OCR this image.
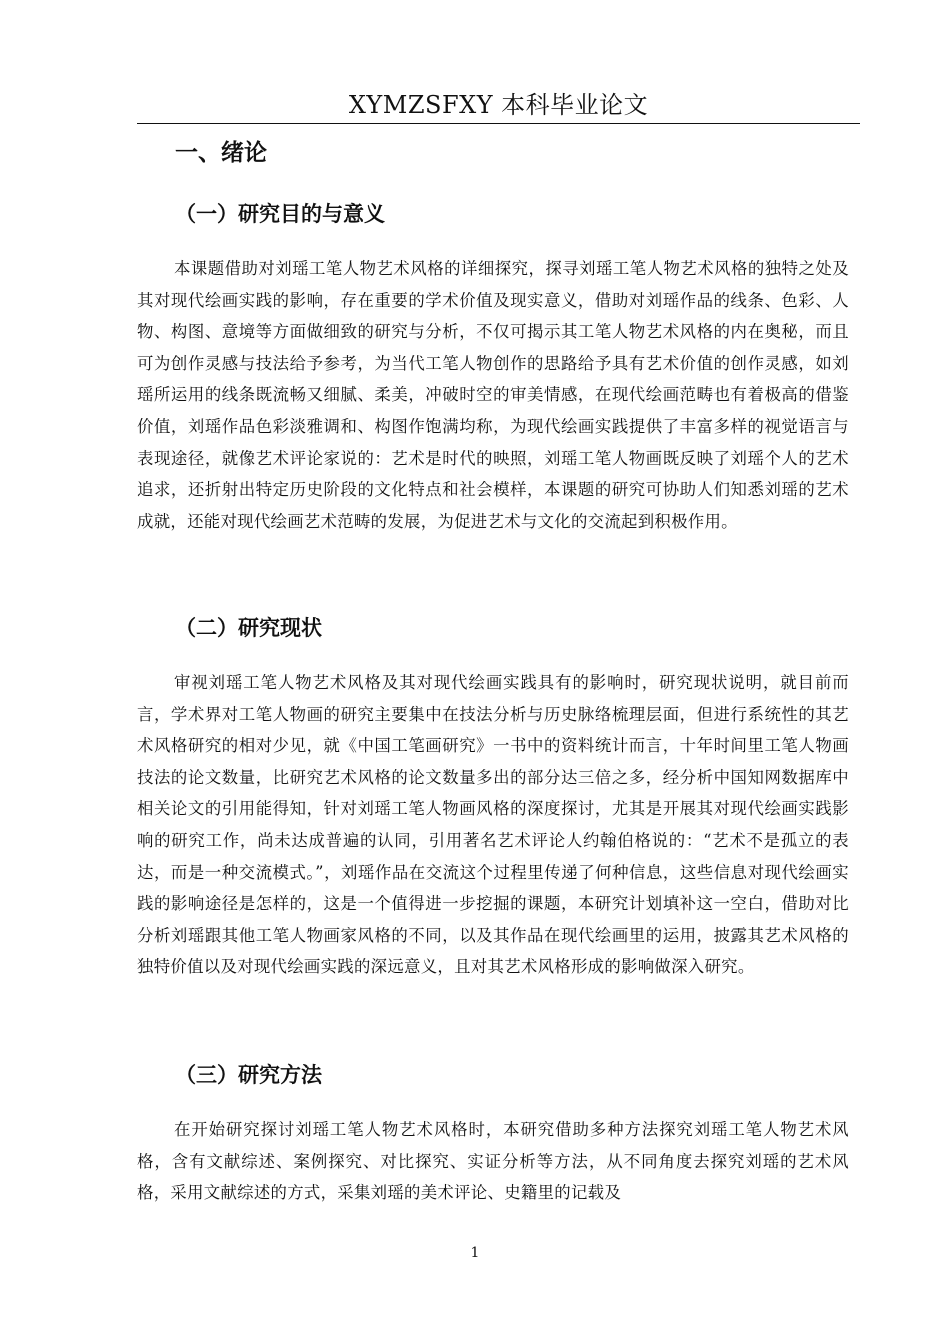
XYMZSFXY 本科毕业论文
一、绪论
（一）研究目的与意义

本课题借助对刘瑶工笔人物艺术风格的详细探究，探寻刘瑶工笔人物艺术风格的独特之处及其对现代绘画实践的影响，存在重要的学术价值及现实意义，借助对刘瑶作品的线条、色彩、人物、构图、意境等方面做细致的研究与分析，不仅可揭示其工笔人物艺术风格的内在奥秘，而且可为创作灵感与技法给予参考，为当代工笔人物创作的思路给予具有艺术价值的创作灵感，如刘瑶所运用的线条既流畅又细腻、柔美，冲破时空的审美情感，在现代绘画范畴也有着极高的借鉴价值，刘瑶作品色彩淡雅调和、构图作饱满均称，为现代绘画实践提供了丰富多样的视觉语言与表现途径，就像艺术评论家说的：艺术是时代的映照，刘瑶工笔人物画既反映了刘瑶个人的艺术追求，还折射出特定历史阶段的文化特点和社会模样，本课题的研究可协助人们知悉刘瑶的艺术成就，还能对现代绘画艺术范畴的发展，为促进艺术与文化的交流起到积极作用。

（二）研究现状

审视刘瑶工笔人物艺术风格及其对现代绘画实践具有的影响时，研究现状说明，就目前而言，学术界对工笔人物画的研究主要集中在技法分析与历史脉络梳理层面，但进行系统性的其艺术风格研究的相对少见，就《中国工笔画研究》一书中的资料统计而言，十年时间里工笔人物画技法的论文数量，比研究艺术风格的论文数量多出的部分达三倍之多，经分析中国知网数据库中相关论文的引用能得知，针对刘瑶工笔人物画风格的深度探讨，尤其是开展其对现代绘画实践影响的研究工作，尚未达成普遍的认同，引用著名艺术评论人约翰伯格说的：“艺术不是孤立的表达，而是一种交流模式。”，刘瑶作品在交流这个过程里传递了何种信息，这些信息对现代绘画实践的影响途径是怎样的，这是一个值得进一步挖掘的课题，本研究计划填补这一空白，借助对比分析刘瑶跟其他工笔人物画家风格的不同，以及其作品在现代绘画里的运用，披露其艺术风格的独特价值以及对现代绘画实践的深远意义，且对其艺术风格形成的影响做深入研究。

（三）研究方法

在开始研究探讨刘瑶工笔人物艺术风格时，本研究借助多种方法探究刘瑶工笔人物艺术风格，含有文献综述、案例探究、对比探究、实证分析等方法，从不同角度去探究刘瑶的艺术风格，采用文献综述的方式，采集刘瑶的美术评论、史籍里的记载及

1
